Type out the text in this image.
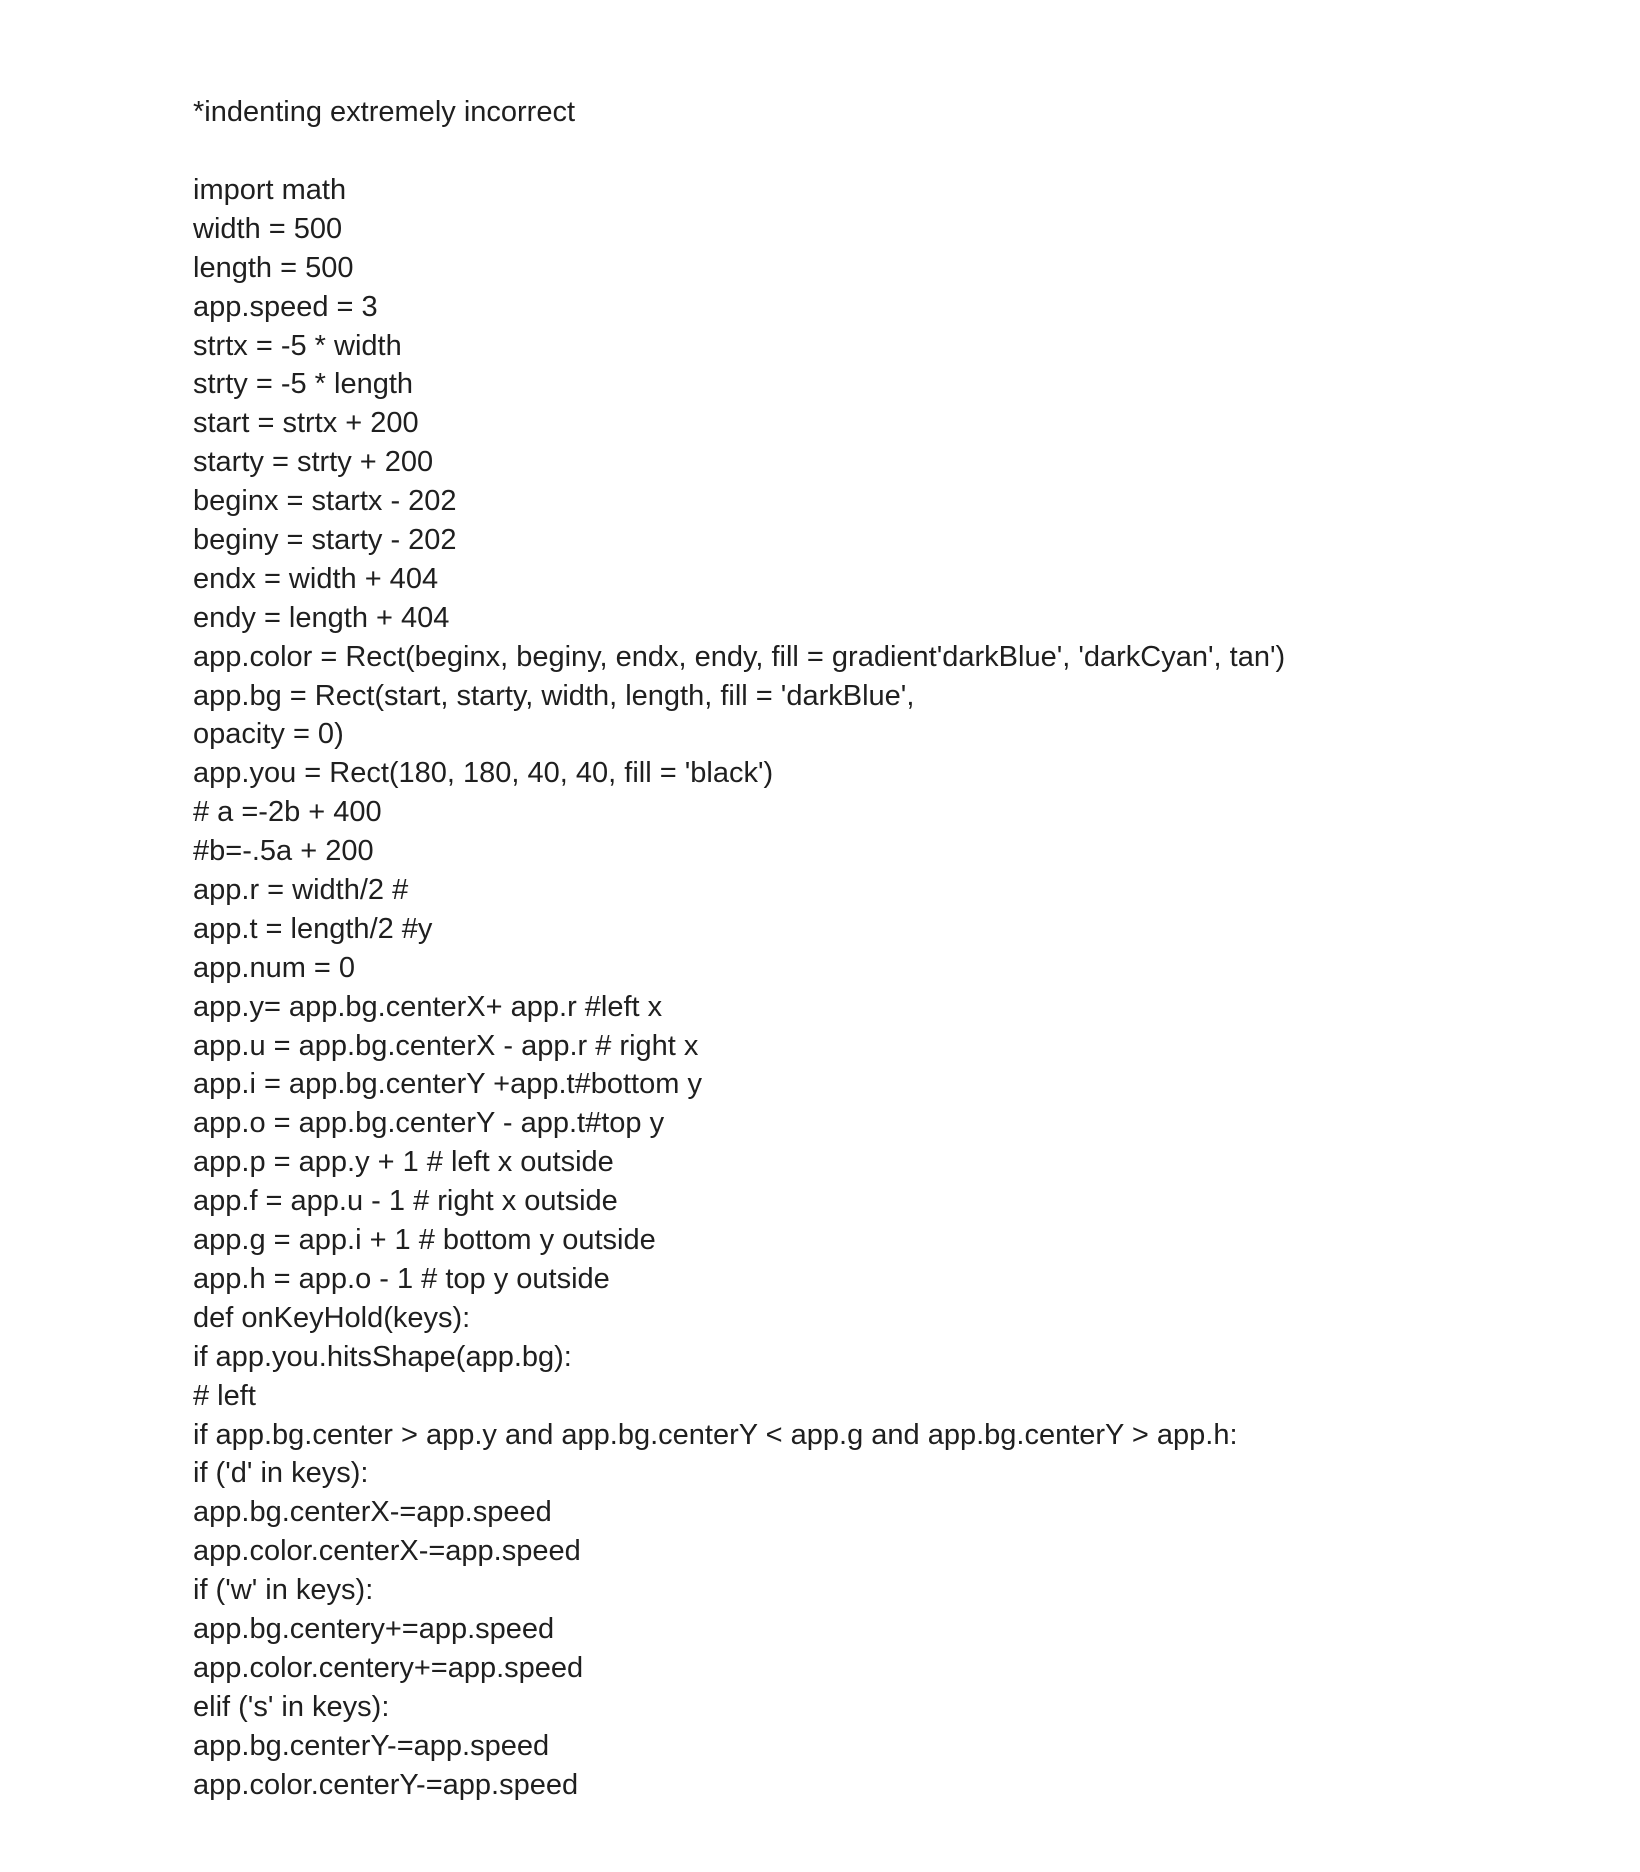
*indenting extremely incorrect
import math
width = 500
length = 500
app.speed = 3
strtx = -5 * width
strty = -5 * length
start = strtx + 200
starty = strty + 200
beginx = startx - 202
beginy = starty - 202
endx = width + 404
endy = length + 404
app.color = Rect(beginx, beginy, endx, endy, fill = gradient'darkBlue', 'darkCyan', tan')
app.bg = Rect(start, starty, width, length, fill = 'darkBlue',
opacity = 0)
app.you = Rect(180, 180, 40, 40, fill = 'black')
# a =-2b + 400
#b=-.5a + 200
app.r = width/2 #
app.t = length/2 #y
app.num = 0
app.y= app.bg.centerX+ app.r #left x
app.u = app.bg.centerX - app.r # right x
app.i = app.bg.centerY +app.t#bottom y
app.o = app.bg.centerY - app.t#top y
app.p = app.y + 1 # left x outside
app.f = app.u - 1 # right x outside
app.g = app.i + 1 # bottom y outside
app.h = app.o - 1 # top y outside
def onKeyHold(keys):
if app.you.hitsShape(app.bg):
# left
if app.bg.center > app.y and app.bg.centerY < app.g and app.bg.centerY > app.h:
if ('d' in keys):
app.bg.centerX-=app.speed
app.color.centerX-=app.speed
if ('w' in keys):
app.bg.centery+=app.speed
app.color.centery+=app.speed
elif ('s' in keys):
app.bg.centerY-=app.speed
app.color.centerY-=app.speed
